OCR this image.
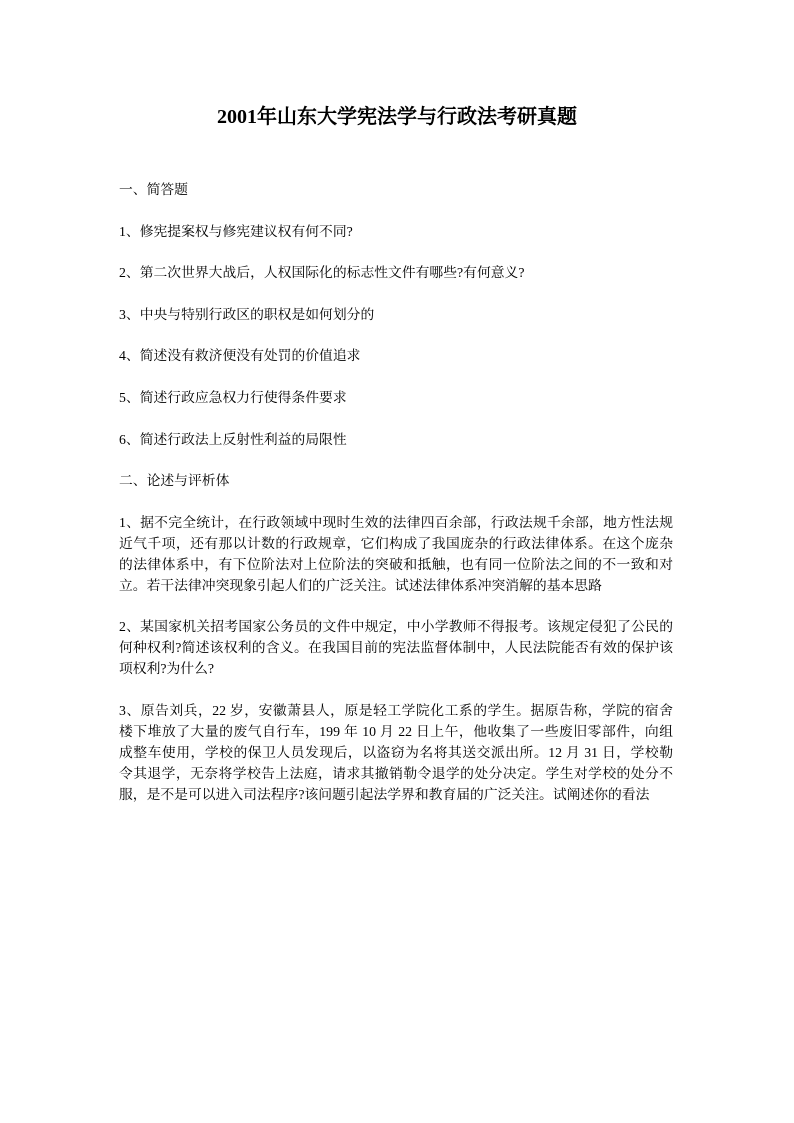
2001年山东大学宪法学与行政法考研真题

一、简答题

1、修宪提案权与修宪建议权有何不同?

2、第二次世界大战后，人权国际化的标志性文件有哪些?有何意义?

3、中央与特别行政区的职权是如何划分的

4、简述没有救济便没有处罚的价值追求

5、简述行政应急权力行使得条件要求

6、简述行政法上反射性利益的局限性

二、论述与评析体

1、据不完全统计，在行政领域中现时生效的法律四百余部，行政法规千余部，地方性法规
近气千项，还有那以计数的行政规章，它们构成了我国庞杂的行政法律体系。在这个庞杂
的法律体系中，有下位阶法对上位阶法的突破和抵触，也有同一位阶法之间的不一致和对
立。若干法律冲突现象引起人们的广泛关注。试述法律体系冲突消解的基本思路
2、某国家机关招考国家公务员的文件中规定，中小学教师不得报考。该规定侵犯了公民的
何种权利?简述该权利的含义。在我国目前的宪法监督体制中，人民法院能否有效的保护该
项权利?为什么?
3、原告刘兵，22 岁，安徽萧县人，原是轻工学院化工系的学生。据原告称，学院的宿舍
楼下堆放了大量的废气自行车，199 年 10 月 22 日上午，他收集了一些废旧零部件，向组
成整车使用，学校的保卫人员发现后，以盗窃为名将其送交派出所。12 月 31 日，学校勒
令其退学，无奈将学校告上法庭，请求其撤销勒令退学的处分决定。学生对学校的处分不
服，是不是可以进入司法程序?该问题引起法学界和教育届的广泛关注。试阐述你的看法
